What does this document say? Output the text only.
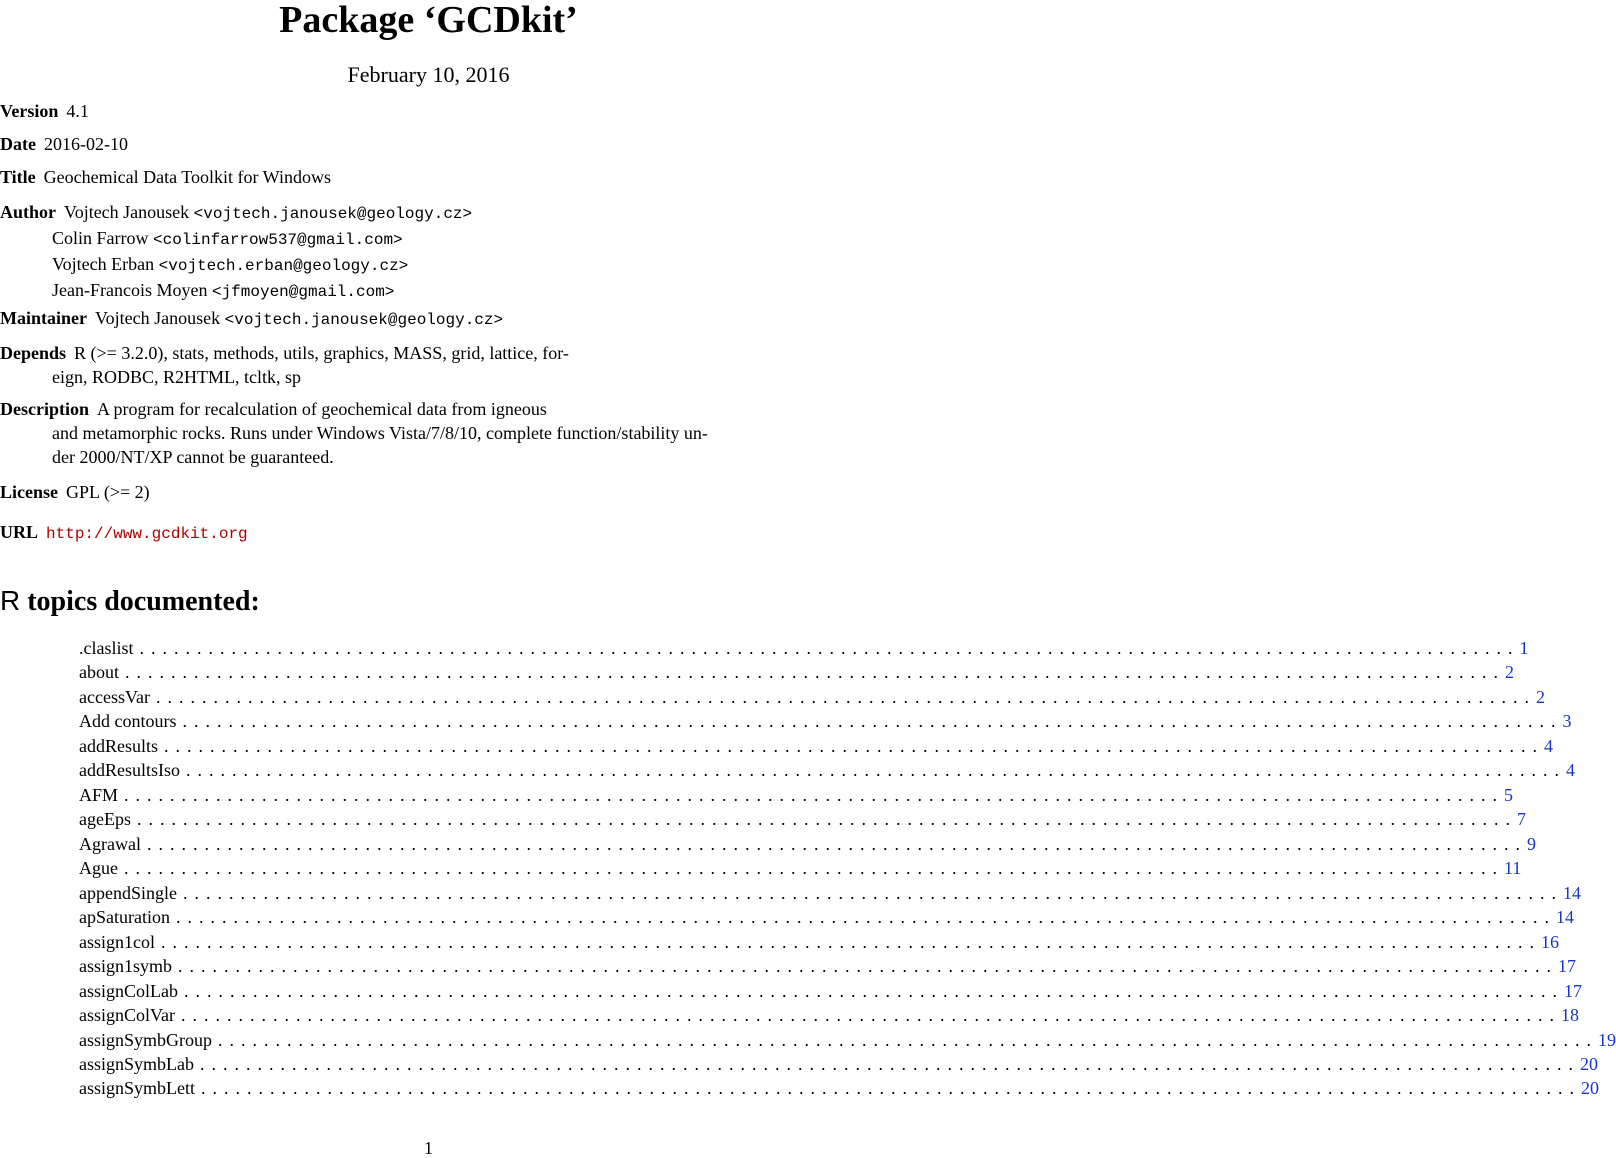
Package ‘GCDkit’
February 10, 2016
Version 4.1
Date 2016-02-10
Title Geochemical Data Toolkit for Windows
Author Vojtech Janousek <vojtech.janousek@geology.cz>
Colin Farrow <colinfarrow537@gmail.com>
Vojtech Erban <vojtech.erban@geology.cz>
Jean-Francois Moyen <jfmoyen@gmail.com>
Maintainer Vojtech Janousek <vojtech.janousek@geology.cz>
Depends R (>= 3.2.0), stats, methods, utils, graphics, MASS, grid, lattice, for-
eign, RODBC, R2HTML, tcltk, sp
Description A program for recalculation of geochemical data from igneous
and metamorphic rocks. Runs under Windows Vista/7/8/10, complete function/stability un-
der 2000/NT/XP cannot be guaranteed.
License GPL (>= 2)
URL http://www.gcdkit.org
R topics documented:
.claslist ........................................................................................................................ 1
about ........................................................................................................................ 2
accessVar ........................................................................................................................ 2
Add contours ........................................................................................................................ 3
addResults ........................................................................................................................ 4
addResultsIso ........................................................................................................................ 4
AFM ........................................................................................................................ 5
ageEps ........................................................................................................................ 7
Agrawal ........................................................................................................................ 9
Ague ........................................................................................................................ 11
appendSingle ........................................................................................................................ 14
apSaturation ........................................................................................................................ 14
assign1col ........................................................................................................................ 16
assign1symb ........................................................................................................................ 17
assignColLab ........................................................................................................................ 17
assignColVar ........................................................................................................................ 18
assignSymbGroup ........................................................................................................................ 19
assignSymbLab ........................................................................................................................ 20
assignSymbLett ........................................................................................................................ 20
1
